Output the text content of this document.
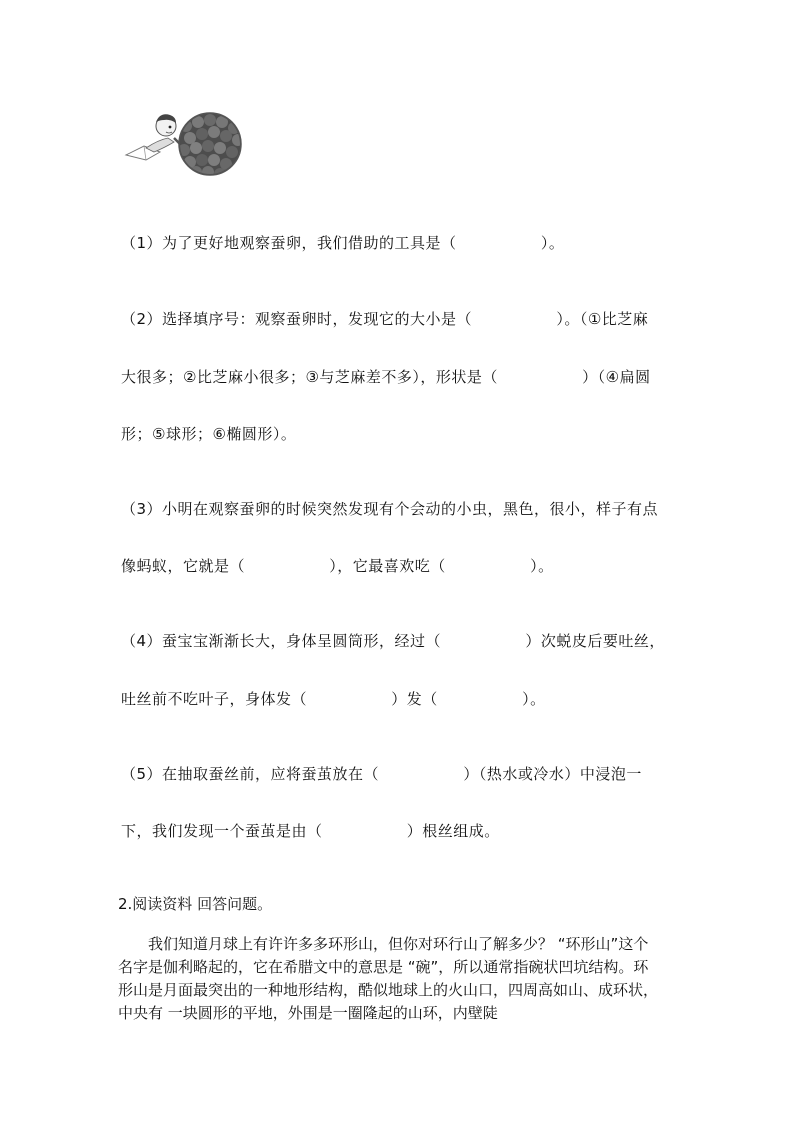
（1）为了更好地观察蚕卵，我们借助的工具是（                ）。
（2）选择填序号：观察蚕卵时，发现它的大小是（                ）。（①比芝麻
大很多；②比芝麻小很多；③与芝麻差不多），形状是（                ）（④扁圆
形；⑤球形；⑥椭圆形）。
（3）小明在观察蚕卵的时候突然发现有个会动的小虫，黑色，很小，样子有点
像蚂蚁，它就是（                ），它最喜欢吃（                ）。
（4）蚕宝宝渐渐长大，身体呈圆筒形，经过（                ）次蜕皮后要吐丝，
吐丝前不吃叶子，身体发（                ）发（                ）。
（5）在抽取蚕丝前，应将蚕茧放在（                ）（热水或冷水）中浸泡一
下，我们发现一个蚕茧是由（                ）根丝组成。
2.阅读资料 回答问题。
我们知道月球上有许许多多环形山，但你对环行山了解多少？ “环形山”这个名字是伽利略起的，它在希腊文中的意思是 “碗”，所以通常指碗状凹坑结构。环形山是月面最突出的一种地形结构，酷似地球上的火山口，四周高如山、成环状，中央有 一块圆形的平地，外围是一圈隆起的山环，内壁陡
